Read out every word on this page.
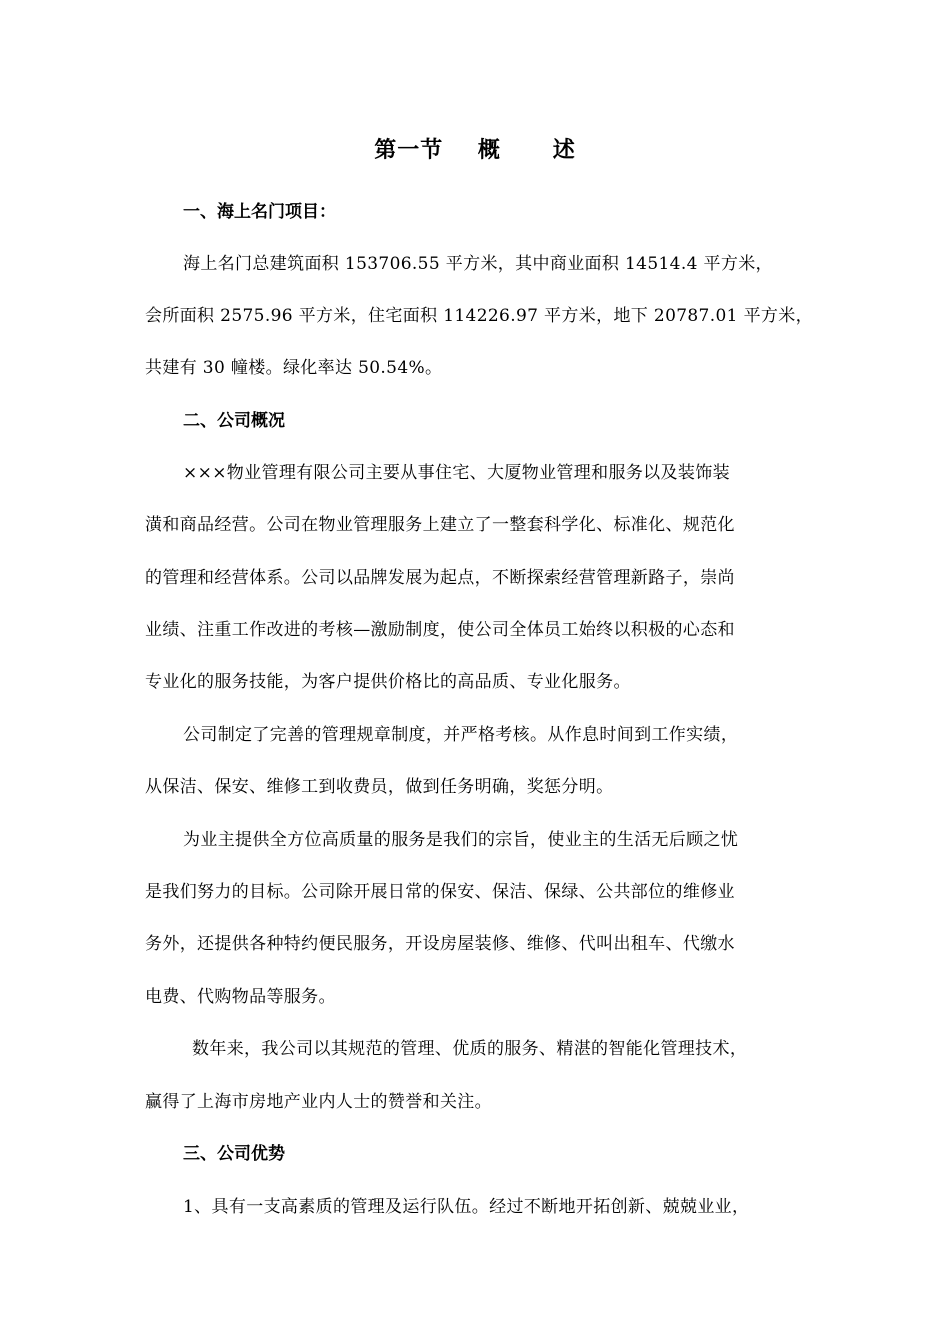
第一节    概      述
一、海上名门项目：
海上名门总建筑面积 153706.55 平方米，其中商业面积 14514.4 平方米，
会所面积 2575.96 平方米，住宅面积 114226.97 平方米，地下 20787.01 平方米，
共建有 30 幢楼。绿化率达 50.54%。
二、公司概况
×××物业管理有限公司主要从事住宅、大厦物业管理和服务以及装饰装
潢和商品经营。公司在物业管理服务上建立了一整套科学化、标准化、规范化
的管理和经营体系。公司以品牌发展为起点，不断探索经营管理新路子，崇尚
业绩、注重工作改进的考核—激励制度，使公司全体员工始终以积极的心态和
专业化的服务技能，为客户提供价格比的高品质、专业化服务。
公司制定了完善的管理规章制度，并严格考核。从作息时间到工作实绩，
从保洁、保安、维修工到收费员，做到任务明确，奖惩分明。
为业主提供全方位高质量的服务是我们的宗旨，使业主的生活无后顾之忧
是我们努力的目标。公司除开展日常的保安、保洁、保绿、公共部位的维修业
务外，还提供各种特约便民服务，开设房屋装修、维修、代叫出租车、代缴水
电费、代购物品等服务。
数年来，我公司以其规范的管理、优质的服务、精湛的智能化管理技术，
赢得了上海市房地产业内人士的赞誉和关注。
三、公司优势
1、具有一支高素质的管理及运行队伍。经过不断地开拓创新、兢兢业业，
